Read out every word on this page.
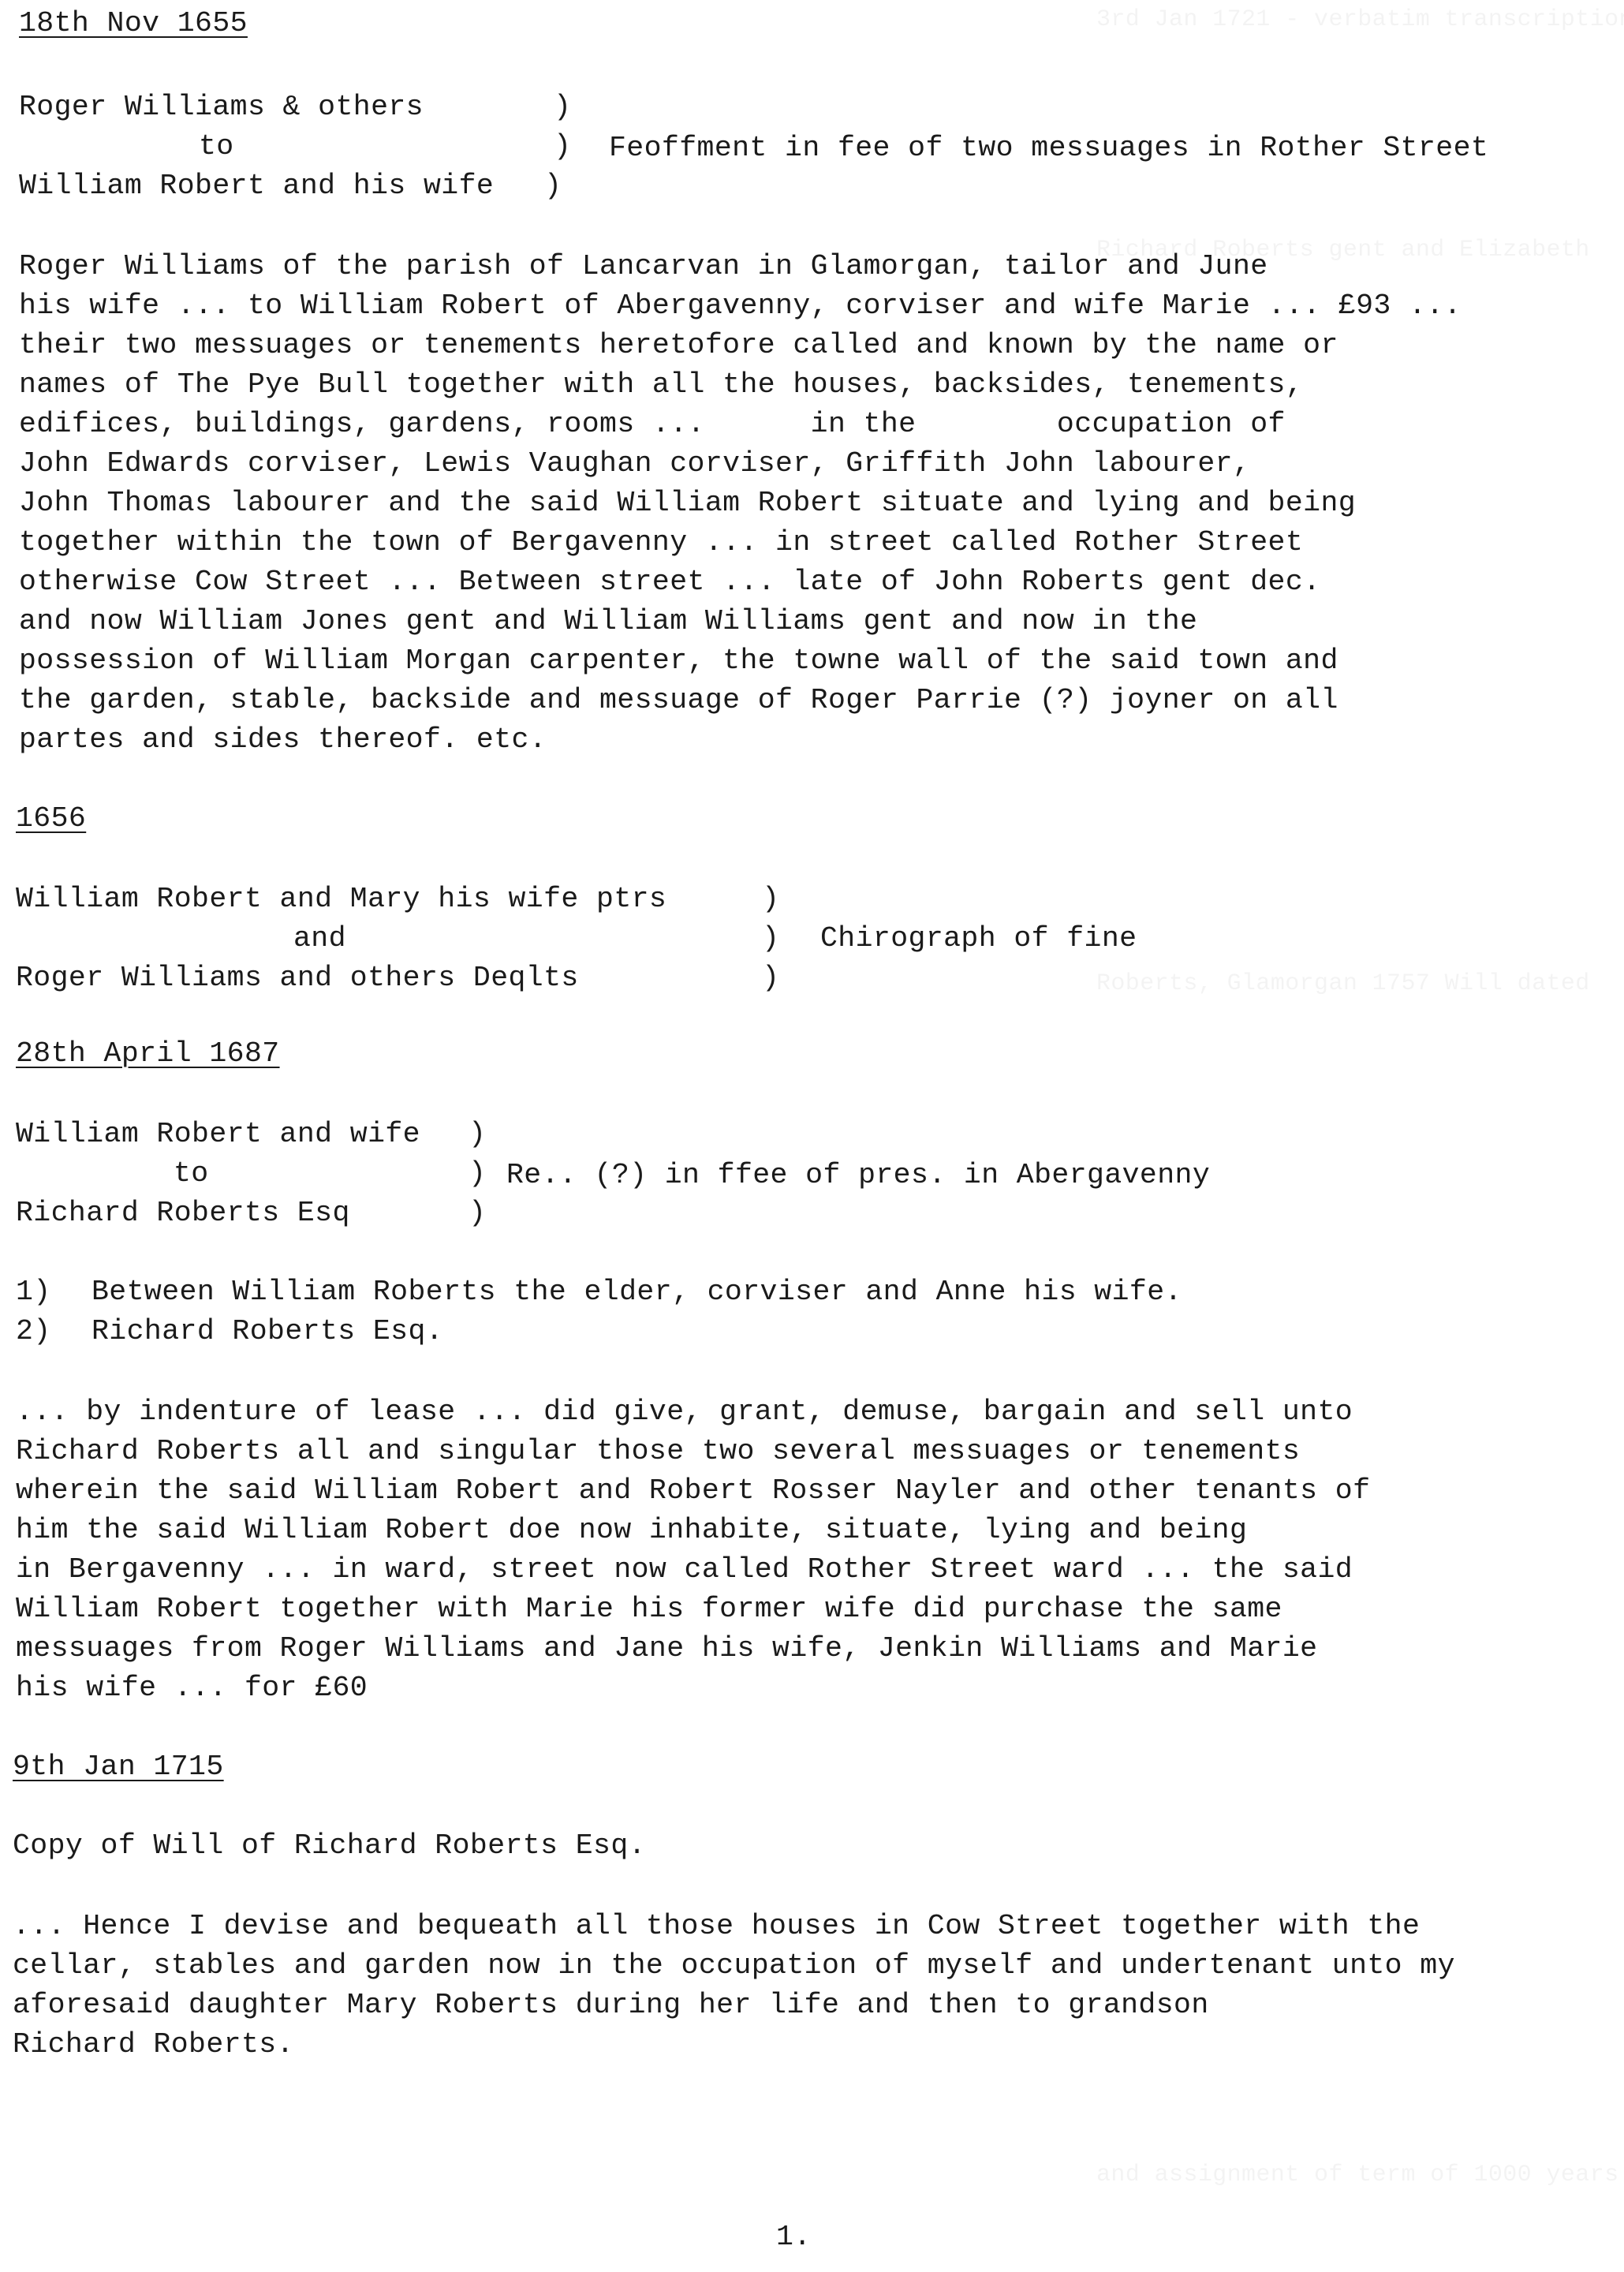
18th Nov 1655
Roger Williams & others
to
William Robert and his wife
)
)
)
Feoffment in fee of two messuages in Rother Street
Roger Williams of the parish of Lancarvan in Glamorgan, tailor and June
his wife ... to William Robert of Abergavenny, corviser and wife Marie ... £93 ...
their two messuages or tenements heretofore called and known by the name or
names of The Pye Bull together with all the houses, backsides, tenements,
edifices, buildings, gardens, rooms ...      in the        occupation of
John Edwards corviser, Lewis Vaughan corviser, Griffith John labourer,
John Thomas labourer and the said William Robert situate and lying and being
together within the town of Bergavenny ... in street called Rother Street
otherwise Cow Street ... Between street ... late of John Roberts gent dec.
and now William Jones gent and William Williams gent and now in the
possession of William Morgan carpenter, the towne wall of the said town and
the garden, stable, backside and messuage of Roger Parrie (?) joyner on all
partes and sides thereof. etc.
1656
William Robert and Mary his wife ptrs
and
Roger Williams and others Deqlts
)
)
)
Chirograph of fine
28th April 1687
William Robert and wife
to
Richard Roberts Esq
)
)
)
Re.. (?) in ffee of pres. in Abergavenny
1) Between William Roberts the elder, corviser and Anne his wife.
2) Richard Roberts Esq.
... by indenture of lease ... did give, grant, demuse, bargain and sell unto
Richard Roberts all and singular those two several messuages or tenements
wherein the said William Robert and Robert Rosser Nayler and other tenants of
him the said William Robert doe now inhabite, situate, lying and being
in Bergavenny ... in ward, street now called Rother Street ward ... the said
William Robert together with Marie his former wife did purchase the same
messuages from Roger Williams and Jane his wife, Jenkin Williams and Marie
his wife ... for £60
9th Jan 1715
Copy of Will of Richard Roberts Esq.
... Hence I devise and bequeath all those houses in Cow Street together with the
cellar, stables and garden now in the occupation of myself and undertenant unto my
aforesaid daughter Mary Roberts during her life and then to grandson
Richard Roberts.
1.
